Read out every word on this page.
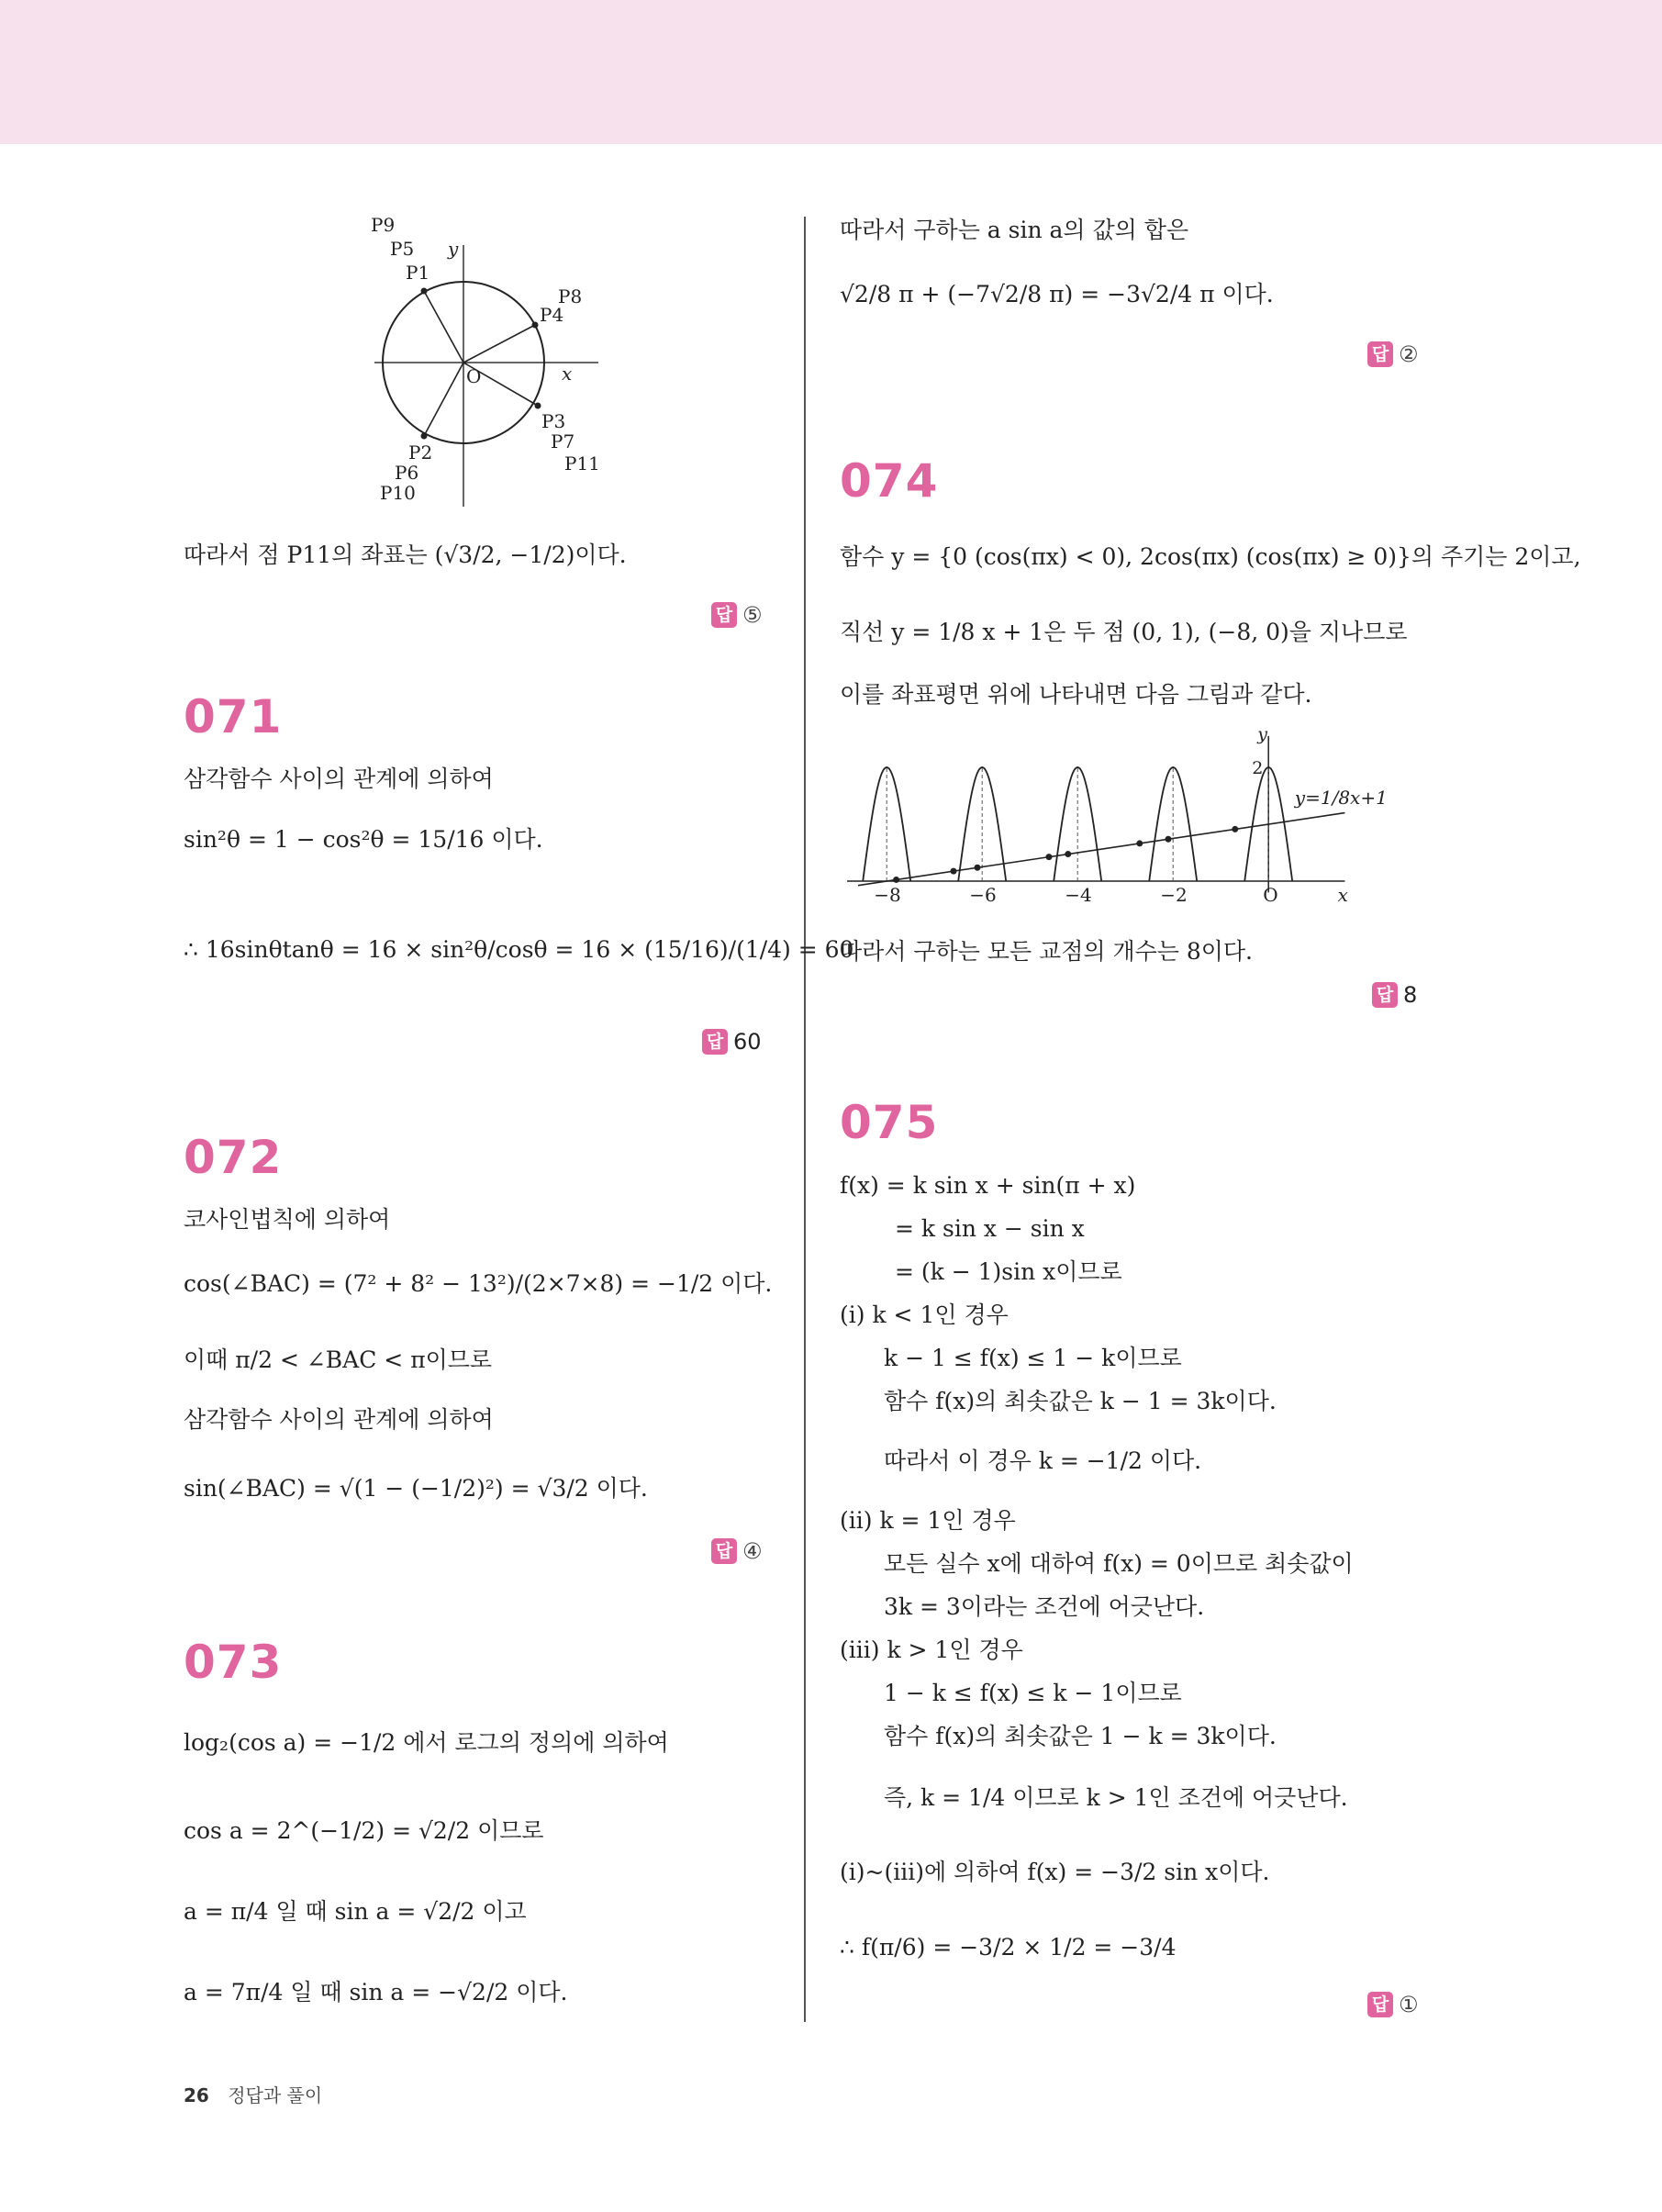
P9
P5
P1
y
P8
P4
O	x
P3
P7
P11
P2
P6
P10
따라서 점 P11의 좌표는 (√3/2, −1/2)이다.
답 ⑤
071
삼각함수 사이의 관계에 의하여
sin²θ = 1 − cos²θ = 15/16 이다.
∴ 16sinθtanθ = 16 × sin²θ/cosθ = 16 × (15/16)/(1/4) = 60
답 60
072
코사인법칙에 의하여
cos(∠BAC) = (7² + 8² − 13²)/(2×7×8) = −1/2 이다.
이때 π/2 < ∠BAC < π이므로
삼각함수 사이의 관계에 의하여
sin(∠BAC) = √(1 − (−1/2)²) = √3/2 이다.
답 ④
073
log₂(cos a) = −1/2 에서 로그의 정의에 의하여
cos a = 2^(−1/2) = √2/2 이므로
a = π/4 일 때 sin a = √2/2 이고
a = 7π/4 일 때 sin a = −√2/2 이다.
따라서 구하는 a sin a의 값의 합은
√2/8 π + (−7√2/8 π) = −3√2/4 π 이다.
답 ②
074
함수 y = {0 (cos(πx) < 0), 2cos(πx) (cos(πx) ≥ 0)}의 주기는 2이고,
직선 y = 1/8 x + 1은 두 점 (0, 1), (−8, 0)을 지나므로
이를 좌표평면 위에 나타내면 다음 그림과 같다.
−8	−6	−4	−2	O	x
y
2
y=1/8x+1
따라서 구하는 모든 교점의 개수는 8이다.
답 8
075
f(x) = k sin x + sin(π + x)
= k sin x − sin x
= (k − 1)sin x이므로
(i) k < 1인 경우
k − 1 ≤ f(x) ≤ 1 − k이므로
함수 f(x)의 최솟값은 k − 1 = 3k이다.
따라서 이 경우 k = −1/2 이다.
(ii) k = 1인 경우
모든 실수 x에 대하여 f(x) = 0이므로 최솟값이
3k = 3이라는 조건에 어긋난다.
(iii) k > 1인 경우
1 − k ≤ f(x) ≤ k − 1이므로
함수 f(x)의 최솟값은 1 − k = 3k이다.
즉, k = 1/4 이므로 k > 1인 조건에 어긋난다.
(i)~(iii)에 의하여 f(x) = −3/2 sin x이다.
∴ f(π/6) = −3/2 × 1/2 = −3/4
답 ①
26 정답과 풀이
